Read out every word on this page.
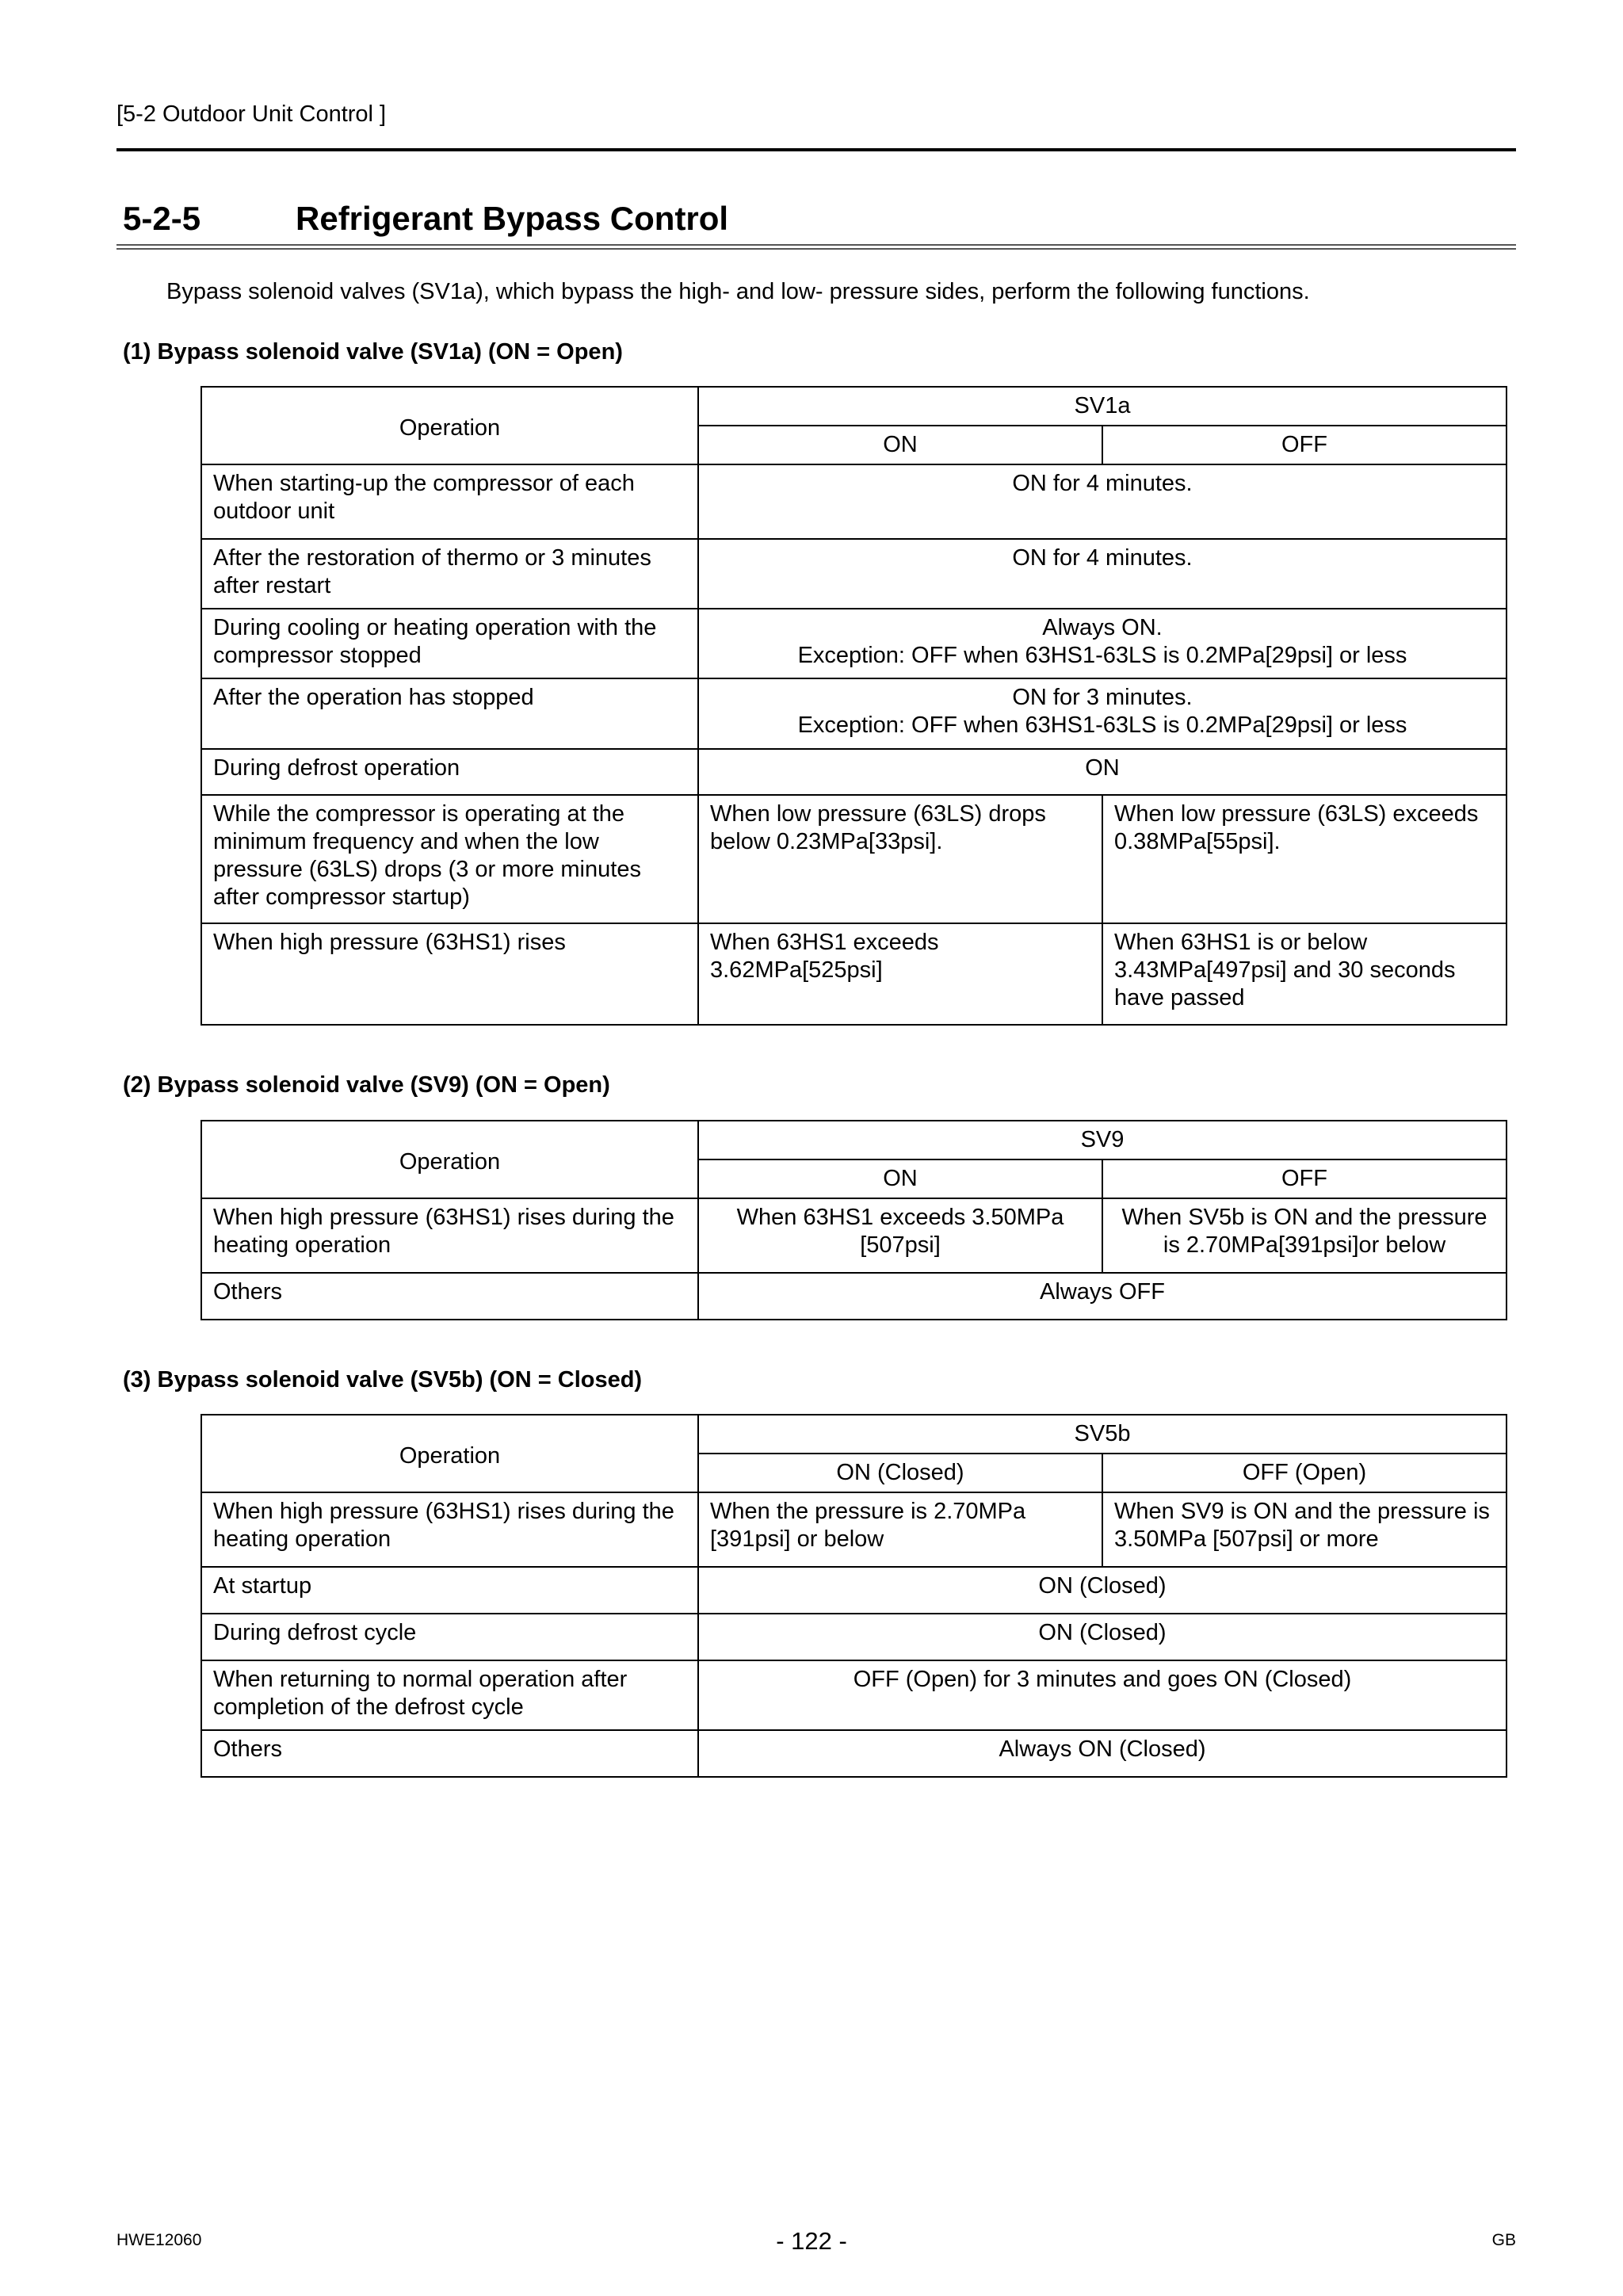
[5-2 Outdoor Unit Control ]
5-2-5	Refrigerant Bypass Control
Bypass solenoid valves (SV1a), which bypass the high- and low- pressure sides, perform the following functions.
(1) Bypass solenoid valve (SV1a) (ON = Open)
Operation	SV1a	
	ON	OFF
When starting-up the compressor of each outdoor unit	ON for 4 minutes.	
After the restoration of thermo or 3 minutes after restart	ON for 4 minutes.	
During cooling or heating operation with the compressor stopped	Always ON.
Exception: OFF when 63HS1-63LS is 0.2MPa[29psi] or less	

After the operation has stopped	ON for 3 minutes.
Exception: OFF when 63HS1-63LS is 0.2MPa[29psi] or less	

During defrost operation	ON	
While the compressor is operating at the minimum frequency and when the low pressure (63LS) drops (3 or more minutes after compressor startup)	When low pressure (63LS) drops below 0.23MPa[33psi].	When low pressure (63LS) exceeds 0.38MPa[55psi].
When high pressure (63HS1) rises	When 63HS1 exceeds 3.62MPa[525psi]	When 63HS1 is or below 3.43MPa[497psi] and 30 seconds have passed
(2) Bypass solenoid valve (SV9) (ON = Open)
Operation	SV9	
	ON	OFF
When high pressure (63HS1) rises during the heating operation	When 63HS1 exceeds 3.50MPa [507psi]	When SV5b is ON and the pressure is 2.70MPa[391psi]or below
Others	Always OFF	
(3) Bypass solenoid valve (SV5b) (ON = Closed)
Operation	SV5b	
	ON (Closed)	OFF (Open)
When high pressure (63HS1) rises during the heating operation	When the pressure is 2.70MPa [391psi] or below	When SV9 is ON and the pressure is 3.50MPa [507psi] or more
At startup	ON (Closed)	
During defrost cycle	ON (Closed)	
When returning to normal operation after completion of the defrost cycle	OFF (Open) for 3 minutes and goes ON (Closed)	
Others	Always ON (Closed)	
HWE12060	- 122 -	GB
